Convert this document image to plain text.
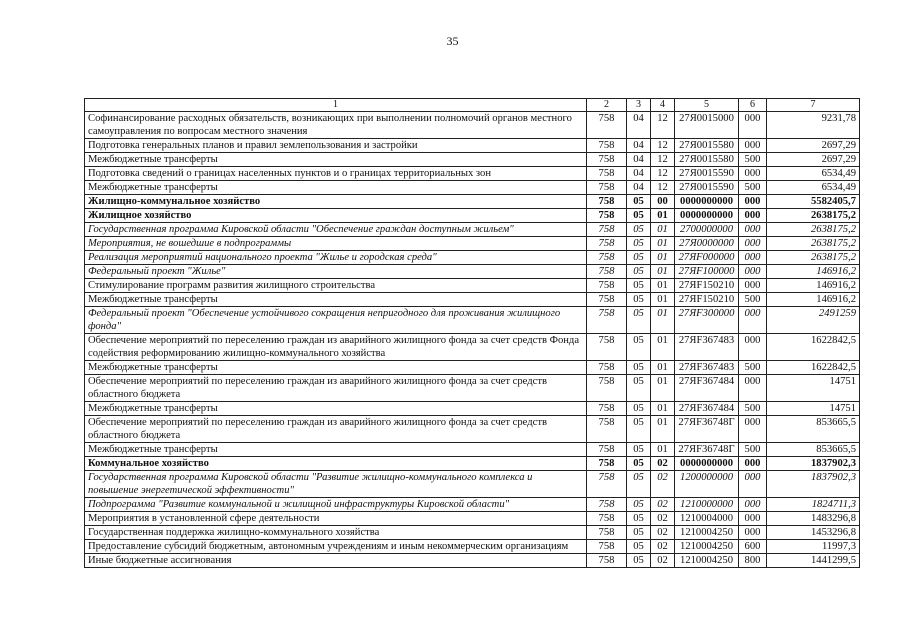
35
1	2	3	4	5	6	7
Софинансирование расходных обязательств, возникающих при выполнении полномочий органов местного самоуправления по вопросам местного значения	758	04	12	27Я0015000	000	9231,78
Подготовка генеральных планов и правил землепользования и застройки	758	04	12	27Я0015580	000	2697,29
Межбюджетные трансферты	758	04	12	27Я0015580	500	2697,29
Подготовка сведений о границах населенных пунктов и о границах территориальных зон	758	04	12	27Я0015590	000	6534,49
Межбюджетные трансферты	758	04	12	27Я0015590	500	6534,49
Жилищно-коммунальное хозяйство	758	05	00	0000000000	000	5582405,7
Жилищное хозяйство	758	05	01	0000000000	000	2638175,2
Государственная программа Кировской области "Обеспечение граждан доступным жильем"	758	05	01	2700000000	000	2638175,2
Мероприятия, не вошедшие в подпрограммы	758	05	01	27Я0000000	000	2638175,2
Реализация мероприятий национального проекта "Жилье и городская среда"	758	05	01	27ЯF000000	000	2638175,2
Федеральный проект "Жилье"	758	05	01	27ЯF100000	000	146916,2
Стимулирование программ развития жилищного строительства	758	05	01	27ЯF150210	000	146916,2
Межбюджетные трансферты	758	05	01	27ЯF150210	500	146916,2
Федеральный проект "Обеспечение устойчивого сокращения непригодного для проживания жилищного фонда"	758	05	01	27ЯF300000	000	2491259
Обеспечение мероприятий по переселению граждан из аварийного жилищного фонда за счет средств Фонда содействия реформированию жилищно-коммунального хозяйства	758	05	01	27ЯF367483	000	1622842,5
Межбюджетные трансферты	758	05	01	27ЯF367483	500	1622842,5
Обеспечение мероприятий по переселению граждан из аварийного жилищного фонда за счет средств областного бюджета	758	05	01	27ЯF367484	000	14751
Межбюджетные трансферты	758	05	01	27ЯF367484	500	14751
Обеспечение мероприятий по переселению граждан из аварийного жилищного фонда за счет средств областного бюджета	758	05	01	27ЯF36748Г	000	853665,5
Межбюджетные трансферты	758	05	01	27ЯF36748Г	500	853665,5
Коммунальное хозяйство	758	05	02	0000000000	000	1837902,3
Государственная программа Кировской области "Развитие жилищно-коммунального комплекса и повышение энергетической эффективности"	758	05	02	1200000000	000	1837902,3
Подпрограмма "Развитие коммунальной и жилищной инфраструктуры Кировской области"	758	05	02	1210000000	000	1824711,3
Мероприятия в установленной сфере деятельности	758	05	02	1210004000	000	1483296,8
Государственная поддержка жилищно-коммунального хозяйства	758	05	02	1210004250	000	1453296,8
Предоставление субсидий бюджетным, автономным учреждениям и иным некоммерческим организациям	758	05	02	1210004250	600	11997,3
Иные бюджетные ассигнования	758	05	02	1210004250	800	1441299,5
